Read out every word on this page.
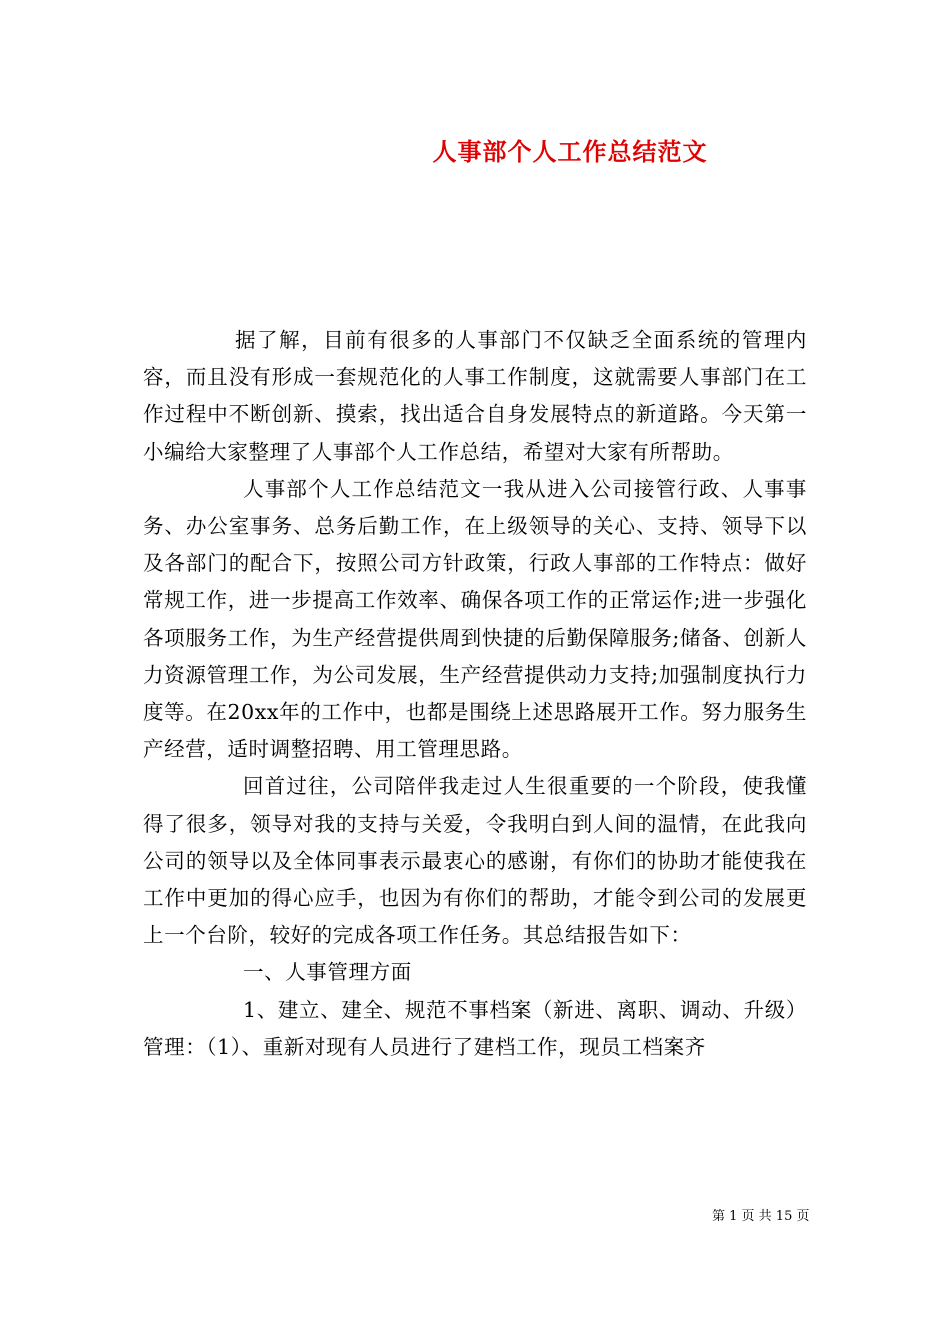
人事部个人工作总结范文

据了解，目前有很多的人事部门不仅缺乏全面系统的管理内容，而且没有形成一套规范化的人事工作制度，这就需要人事部门在工作过程中不断创新、摸索，找出适合自身发展特点的新道路。今天第一小编给大家整理了人事部个人工作总结，希望对大家有所帮助。

人事部个人工作总结范文一我从进入公司接管行政、人事事务、办公室事务、总务后勤工作，在上级领导的关心、支持、领导下以及各部门的配合下，按照公司方针政策，行政人事部的工作特点：做好常规工作，进一步提高工作效率、确保各项工作的正常运作;进一步强化各项服务工作，为生产经营提供周到快捷的后勤保障服务;储备、创新人力资源管理工作，为公司发展，生产经营提供动力支持;加强制度执行力度等。在20xx年的工作中，也都是围绕上述思路展开工作。努力服务生产经营，适时调整招聘、用工管理思路。

回首过往，公司陪伴我走过人生很重要的一个阶段，使我懂得了很多，领导对我的支持与关爱，令我明白到人间的温情，在此我向公司的领导以及全体同事表示最衷心的感谢，有你们的协助才能使我在工作中更加的得心应手，也因为有你们的帮助，才能令到公司的发展更上一个台阶，较好的完成各项工作任务。其总结报告如下：

一、人事管理方面

1、建立、建全、规范不事档案（新进、离职、调动、升级）管理：（1）、重新对现有人员进行了建档工作，现员工档案齐

第 1 页 共 15 页
